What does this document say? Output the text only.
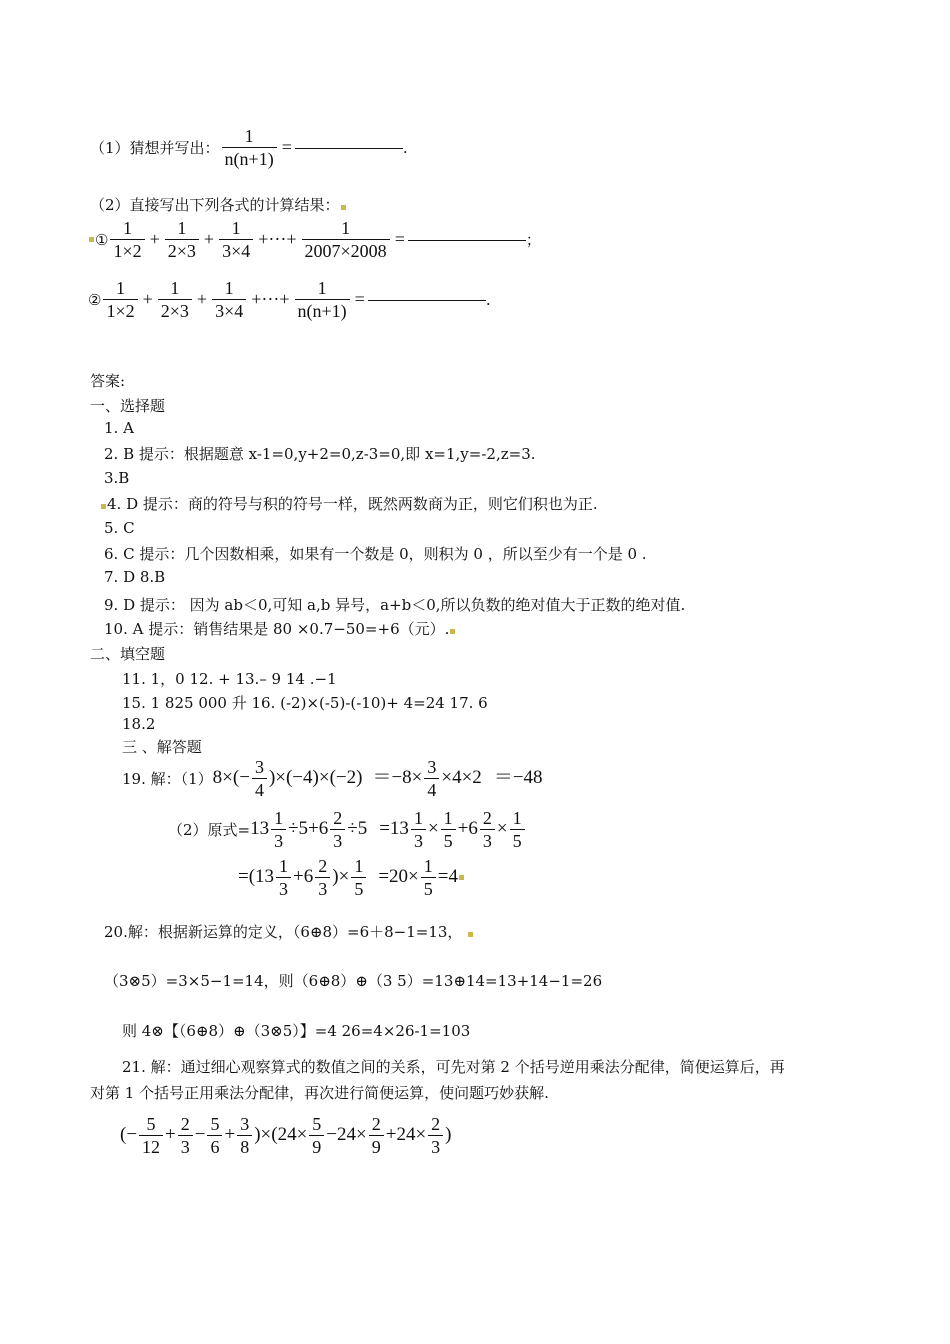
（1）猜想并写出： $\frac{1}{n(n+1)}$ =	.
（2）直接写出下列各式的计算结果：
① $\frac{1}{1\times 2} + \frac{1}{2\times 3} + \frac{1}{3\times 4}$ +···+ $\frac{1}{2007\times 2008}$ =	；
② $\frac{1}{1\times 2} + \frac{1}{2\times 3} + \frac{1}{3\times 4}$ +···+ $\frac{1}{n(n+1)}$ =	.
答案:
一、选择题
1. A
2. B 提示：根据题意 x-1=0,y+2=0,z-3=0,即 x=1,y=-2,z=3.
3.B
4. D 提示：商的符号与积的符号一样，既然两数商为正，则它们积也为正.
5. C
6. C 提示：几个因数相乘，如果有一个数是 0，则积为 0 ，所以至少有一个是 0 .
7. D 8.B
9. D 提示： 因为 ab＜0,可知 a,b 异号，a+b＜0,所以负数的绝对值大于正数的绝对值.
10. A 提示：销售结果是 80 ×0.7−50=+6（元）.
二、填空题
11. 1，0 12. + 13.– 9 14 .−1
15. 1 825 000 升 16. (-2)×(-5)-(-10)+ 4=24 17. 6
18.2
三 、解答题
19. 解：（1） $8\times(- \frac{3}{4} )\times(-4)\times(-2) =-8\times \frac{3}{4} \times 4\times 2 =-48$
（2）原式= $13 \frac{1}{3} \div 5+6 \frac{2}{3} \div 5 =13 \frac{1}{3} \times \frac{1}{5} +6 \frac{2}{3} \times \frac{1}{5}$
$=(13 \frac{1}{3} +6 \frac{2}{3}$ )× $\frac{1}{5} =20\times \frac{1}{5} =4$
20.解：根据新运算的定义，（6⊕8）=6＋8−1=13，
（3⊗5）=3×5−1=14，则（6⊕8）⊕（3 5）=13⊕14=13+14−1=26
则 4⊗【（6⊕8）⊕（3⊗5）】=4 26=4×26-1=103
21. 解：通过细心观察算式的数值之间的关系，可先对第 2 个括号逆用乘法分配律，简便运算后，再
对第 1 个括号正用乘法分配律，再次进行简便运算，使问题巧妙获解.
(− $\frac{5}{12} + \frac{2}{3} - \frac{5}{6} + \frac{3}{8} )\times(24\times \frac{5}{9} -24\times \frac{2}{9} +24\times \frac{2}{3}$ )
